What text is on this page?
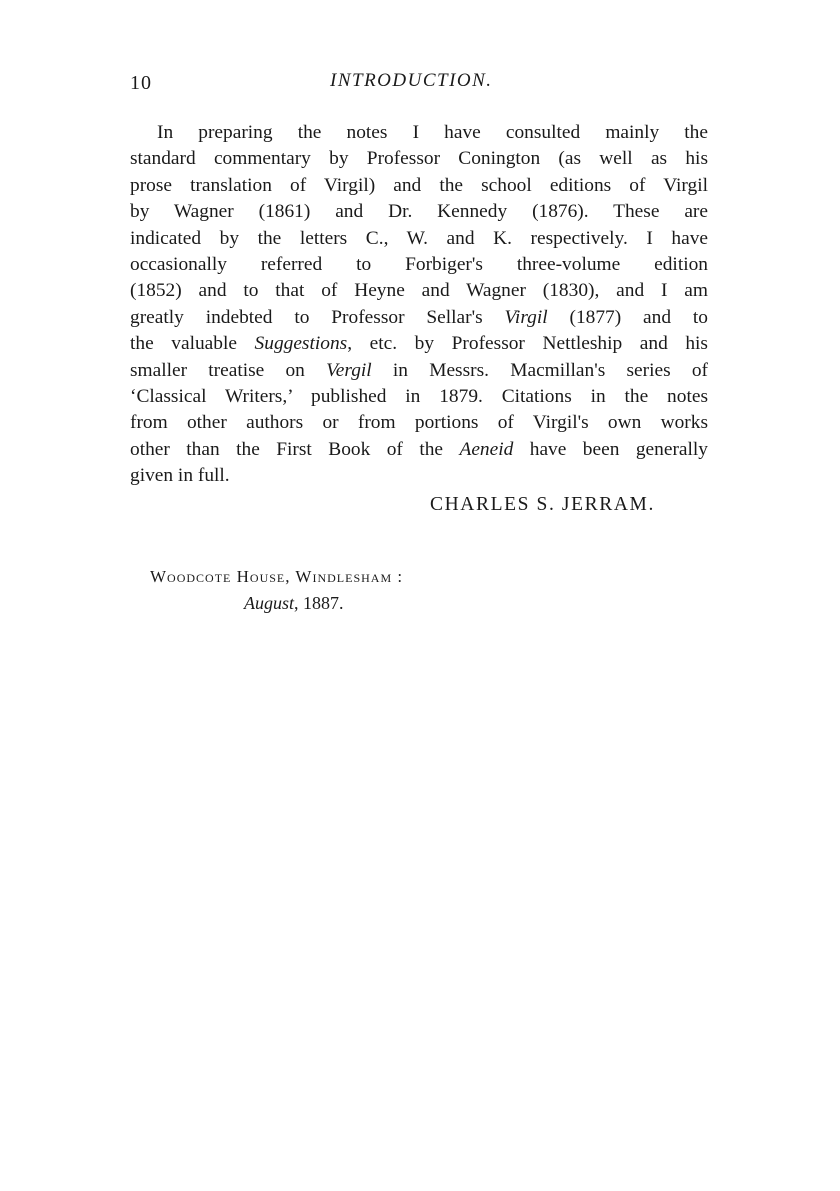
10	INTRODUCTION.
In preparing the notes I have consulted mainly the
standard commentary by Professor Conington (as well as his
prose translation of Virgil) and the school editions of Virgil
by Wagner (1861) and Dr. Kennedy (1876). These are
indicated by the letters C., W. and K. respectively. I have
occasionally referred to Forbiger's three-volume edition
(1852) and to that of Heyne and Wagner (1830), and I am
greatly indebted to Professor Sellar's Virgil (1877) and to
the valuable Suggestions, etc. by Professor Nettleship and his
smaller treatise on Vergil in Messrs. Macmillan's series of
‘Classical Writers,’ published in 1879. Citations in the notes
from other authors or from portions of Virgil's own works
other than the First Book of the Aeneid have been generally
given in full.
CHARLES S. JERRAM.
Woodcote House, Windlesham :
August, 1887.
